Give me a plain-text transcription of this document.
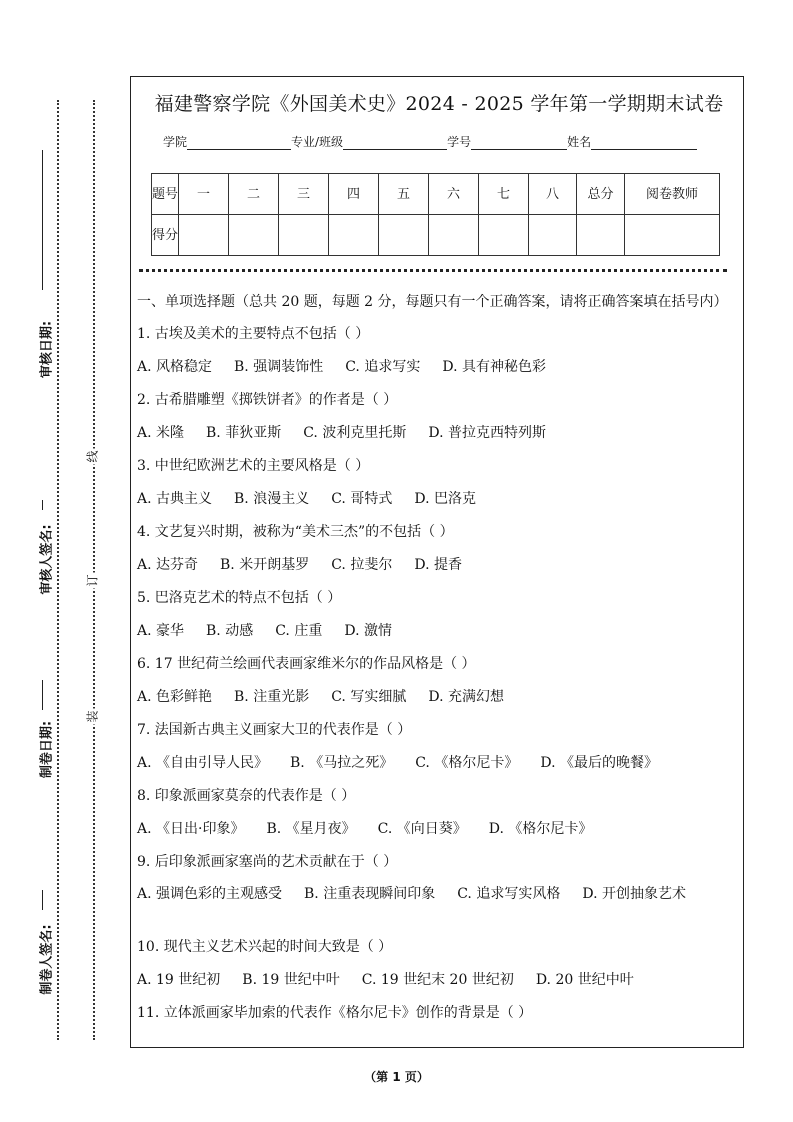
审核日期:
审核人签名:
制卷日期:
制卷人签名:
线
订
装
福建警察学院《外国美术史》2024 - 2025 学年第一学期期末试卷
学院	专业/班级	学号	姓名
题号	一	二	三	四	五	六	七	八	总分	阅卷教师
得分										
一、单项选择题（总共 20 题，每题 2 分，每题只有一个正确答案，请将正确答案填在括号内）
1. 古埃及美术的主要特点不包括（ ）
A. 风格稳定 B. 强调装饰性 C. 追求写实 D. 具有神秘色彩
2. 古希腊雕塑《掷铁饼者》的作者是（ ）
A. 米隆 B. 菲狄亚斯 C. 波利克里托斯 D. 普拉克西特列斯
3. 中世纪欧洲艺术的主要风格是（ ）
A. 古典主义 B. 浪漫主义 C. 哥特式 D. 巴洛克
4. 文艺复兴时期，被称为“美术三杰”的不包括（ ）
A. 达芬奇 B. 米开朗基罗 C. 拉斐尔 D. 提香
5. 巴洛克艺术的特点不包括（ ）
A. 豪华 B. 动感 C. 庄重 D. 激情
6. 17 世纪荷兰绘画代表画家维米尔的作品风格是（ ）
A. 色彩鲜艳 B. 注重光影 C. 写实细腻 D. 充满幻想
7. 法国新古典主义画家大卫的代表作是（ ）
A. 《自由引导人民》 B. 《马拉之死》 C. 《格尔尼卡》 D. 《最后的晚餐》
8. 印象派画家莫奈的代表作是（ ）
A. 《日出·印象》 B. 《星月夜》 C. 《向日葵》 D. 《格尔尼卡》
9. 后印象派画家塞尚的艺术贡献在于（ ）
A. 强调色彩的主观感受 B. 注重表现瞬间印象 C. 追求写实风格 D. 开创抽象艺术
10. 现代主义艺术兴起的时间大致是（ ）
A. 19 世纪初 B. 19 世纪中叶 C. 19 世纪末 20 世纪初 D. 20 世纪中叶
11. 立体派画家毕加索的代表作《格尔尼卡》创作的背景是（ ）
（第 1 页）
